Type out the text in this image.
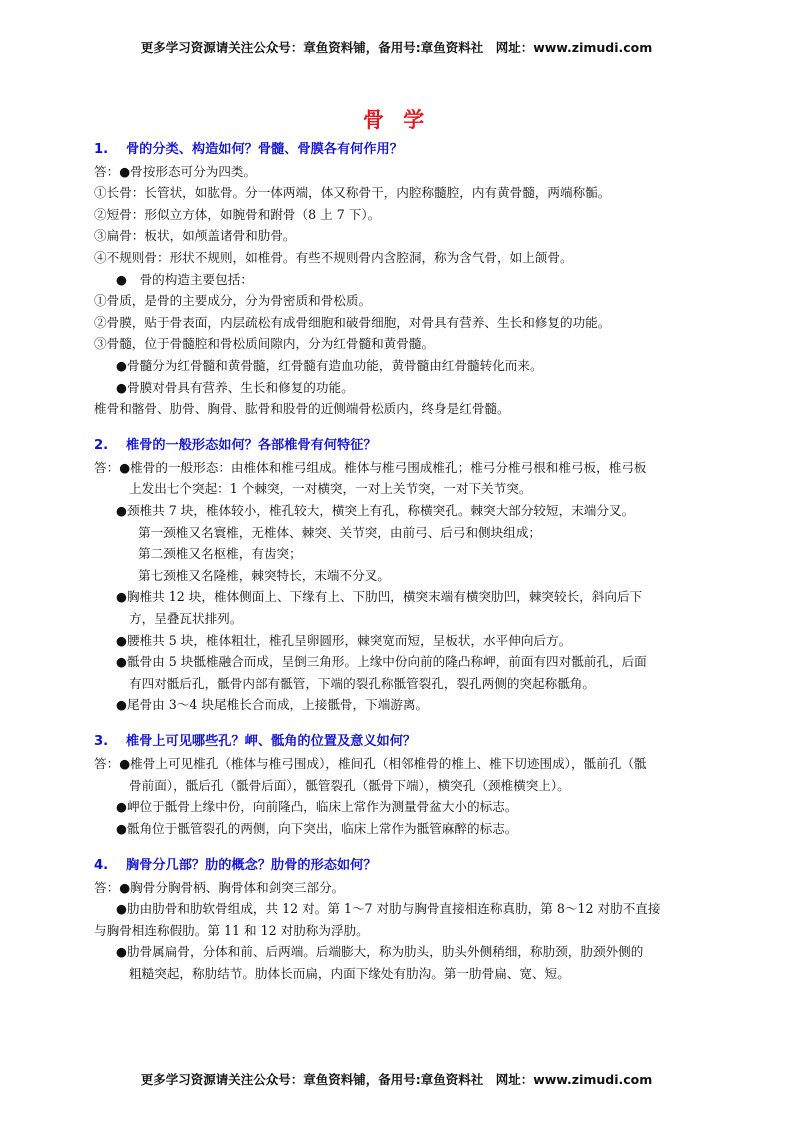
更多学习资源请关注公众号：章鱼资料铺，备用号:章鱼资料社　网址：www.zimudi.com
骨 学

1. 骨的分类、构造如何？骨髓、骨膜各有何作用？

答：●骨按形态可分为四类。

①长骨：长管状，如肱骨。分一体两端，体又称骨干，内腔称髓腔，内有黄骨髓，两端称骺。

②短骨：形似立方体，如腕骨和跗骨（8 上 7 下）。

③扁骨：板状，如颅盖诸骨和肋骨。

④不规则骨：形状不规则，如椎骨。有些不规则骨内含腔洞，称为含气骨，如上颌骨。

●　骨的构造主要包括：

①骨质，是骨的主要成分，分为骨密质和骨松质。

②骨膜，贴于骨表面，内层疏松有成骨细胞和破骨细胞，对骨具有营养、生长和修复的功能。

③骨髓，位于骨髓腔和骨松质间隙内，分为红骨髓和黄骨髓。

●骨髓分为红骨髓和黄骨髓，红骨髓有造血功能，黄骨髓由红骨髓转化而来。

●骨膜对骨具有营养、生长和修复的功能。

椎骨和髂骨、肋骨、胸骨、肱骨和股骨的近侧端骨松质内，终身是红骨髓。

2. 椎骨的一般形态如何？各部椎骨有何特征？

答：●椎骨的一般形态：由椎体和椎弓组成。椎体与椎弓围成椎孔；椎弓分椎弓根和椎弓板，椎弓板

上发出七个突起：1 个棘突，一对横突，一对上关节突，一对下关节突。

●颈椎共 7 块，椎体较小，椎孔较大，横突上有孔，称横突孔。棘突大部分较短，末端分叉。

第一颈椎又名寰椎，无椎体、棘突、关节突，由前弓、后弓和侧块组成；

第二颈椎又名枢椎，有齿突；

第七颈椎又名隆椎，棘突特长，末端不分叉。

●胸椎共 12 块，椎体侧面上、下缘有上、下肋凹，横突末端有横突肋凹，棘突较长，斜向后下

方，呈叠瓦状排列。

●腰椎共 5 块，椎体粗壮，椎孔呈卵圆形，棘突宽而短，呈板状，水平伸向后方。

●骶骨由 5 块骶椎融合而成，呈倒三角形。上缘中份向前的隆凸称岬，前面有四对骶前孔，后面

有四对骶后孔，骶骨内部有骶管，下端的裂孔称骶管裂孔，裂孔两侧的突起称骶角。

●尾骨由 3～4 块尾椎长合而成，上接骶骨，下端游离。

3. 椎骨上可见哪些孔？岬、骶角的位置及意义如何？

答：●椎骨上可见椎孔（椎体与椎弓围成），椎间孔（相邻椎骨的椎上、椎下切迹围成），骶前孔（骶

骨前面），骶后孔（骶骨后面），骶管裂孔（骶骨下端），横突孔（颈椎横突上）。

●岬位于骶骨上缘中份，向前隆凸，临床上常作为测量骨盆大小的标志。

●骶角位于骶管裂孔的两侧，向下突出，临床上常作为骶管麻醉的标志。

4. 胸骨分几部？肋的概念？肋骨的形态如何？

答：●胸骨分胸骨柄、胸骨体和剑突三部分。

●肋由肋骨和肋软骨组成，共 12 对。第 1～7 对肋与胸骨直接相连称真肋，第 8～12 对肋不直接

与胸骨相连称假肋。第 11 和 12 对肋称为浮肋。

●肋骨属扁骨，分体和前、后两端。后端膨大，称为肋头，肋头外侧稍细，称肋颈，肋颈外侧的

粗糙突起，称肋结节。肋体长而扁，内面下缘处有肋沟。第一肋骨扁、宽、短。

更多学习资源请关注公众号：章鱼资料铺，备用号:章鱼资料社　网址：www.zimudi.com
